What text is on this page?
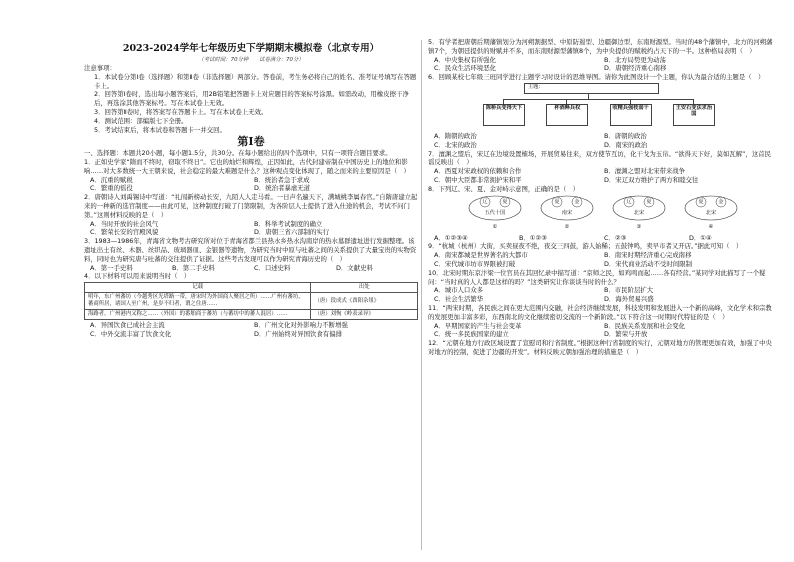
2023-2024学年七年级历史下学期期末模拟卷（北京专用）
（考试时间：70分钟　　试卷满分：70分）
注意事项：
1．本试卷分第Ⅰ卷（选择题）和第Ⅱ卷（非选择题）两部分。答卷前，考生务必将自己的姓名、准考证号填写在答题卡上。
2．回答第Ⅰ卷时，选出每小题答案后，用2B铅笔把答题卡上对应题目的答案标号涂黑。如需改动，用橡皮擦干净后，再选涂其他答案标号。写在本试卷上无效。
3．回答第Ⅱ卷时，将答案写在答题卡上。写在本试卷上无效。
4．测试范围：部编版七下全册。
5．考试结束后，将本试卷和答题卡一并交回。
第Ⅰ卷
一、选择题：本题共20小题，每小题1.5分，共30分。在每小题给出的四个选项中，只有一项符合题目要求。
1．正如史学家“隋而不终时，窃取不终日”。它也的灿烂和辉煌，正因如此，古代封建帝制在中国历史上的地位和影响……对大多数统一大王朝来说，社会稳定的最大难题是什么？这种观点变化体现了，随之而来的主要原因是（　）
A．沉重的赋税	B．统治者急于求成
C．繁重的徭役	D．统治者暴虐无道
2．唐朝诗人刘禹锡诗中写道：“礼闱新榜动长安，九陌人人走马看。一日声名遍天下，满城桃李属春官。”自隋唐建立起来的一种新的选官制度——由此可见，这种制度打破了门第限制，为各阶层人士提供了进入仕途的机会，考试不问门第。”这则材料反映的是（　）
A．当时开放的社会风气	B．科举考试制度的确立
C．繁荣长安的宫殿风貌	D．唐朝三省六部制的实行
3．1983—1986年，青海省文物考古研究所对位于青海省都兰县热水乡热水沟南岸的热水墓群遗址进行发掘整理。该遗址出土有丝、木器、丝织品、玻璃器皿、金银器等遗物，为研究当时中原与吐蕃之间的关系提供了大量宝贵的实物资料，同时也为研究唐与吐蕃的交往提供了证据。这些考古发现可以作为研究青海历史的（　）
A．第一手史料	B．第二手史料	C．口述史料	D．文献史料
4．以下材料可以用来说明当时（　）
记载	出处
明年，东广州蕃坊（今越秀区光塔路一带，唐宋时为外国商人聚居之所）……广州有蕃坊，蕃商所居，诸国人至广州，是岁不归者，谓之住唐……	（唐）段成式《酉阳杂俎》
海路者，广州港内又称之……（外国）的番舶商于蕃坊（与蕃坊中的蕃人混居）……	（唐）刘恂《岭表录异》
A．异国饮食已成社会主流	B．广州文化对外影响力不断增强
C．中外交流丰富了饮食文化	D．广州始终对异国饮食有偏排
5．有学者把唐朝后期藩镇划分为河朔割据型、中原防遏型、边疆御边型、东南财源型。当时的48个藩镇中，北方的河朔藩镇7个，为朝廷提供的财赋并不多，而东南财源型藩镇8个，为中央提供的赋税约占天下的一半。这种格局表明（　）
A．中央集权有所强化	B．北方局势更为动荡
C．民众生活环境恶化	D．唐朝经济重心南移
6．回顾某校七年级三班同学进行主题学习时设计的思维导图。请你为此图设计一个主题，你认为最合适的主题是（　）
主题：
陈桥兵变得天下	杯酒释兵权	收精兵强枝弱干	王安石变法求治国
A．隋朝的政治	B．唐朝的政治
C．北宋的政治	D．南宋的政治
7．澶渊之盟后，宋辽在边境设置榷场，开展贸易往来，双方使节互访，化干戈为玉帛。“欲得天下好，莫如瓦解”，这首民谣反映出（　）
A．西夏对宋政权的依赖和合作	B．澶渊之盟对北宋带来战争
C．朝中大臣都非常拥护宋和平	D．宋辽双方维护了两方和睦交往
8．下列辽、宋、夏、金对峙示意图，正确的是（　）
辽	夏
五代十国
①
夏	金
南宋
②
辽	夏
北宋
③
夏	金
北宋
④
A．①②③④	B．①②③	C．②③	D．①④
9．“杭城（杭州）大街，买卖昼夜不绝，夜交三四鼓，游人始稀；五鼓钟鸣，卖早市者又开店。”据此可知（　）
A．南宋都城是世界著名的大都市	B．南宋时期经济重心完成南移
C．宋代城市坊市界限被打破	D．宋代商业活动不受时间限制
10．北宋时期东京汴梁一位官员在其回忆录中描写道：“京师之民，如鸡鸣而起……各有经营。”某同学对此描写了一个疑问：“当时真的人人都是这样的吗？”这类研究让你谈谈当时的什么？
A．城市人口众多	B．市民阶层扩大
C．社会生活繁华	D．海外贸易兴盛
11．“两宋时期，各民族之间在更大范围内交融，社会经济继续发展，科技发明和发展进入一个新的高峰，文化学术和宗教的发展更加丰富多彩，东西南北的文化继续密切交流的一个新阶段。”以下符合这一时期时代特征的是（　）
A．早期国家的产生与社会变革	B．民族关系发展和社会变化
C．统一多民族国家的建立	D．繁荣与开放
12．“元朝在地方行政区域设置了宣慰司和行省制度。”根据这种行省制度的实行，元朝对地方的管理更加有效，加强了中央对地方的控制，促进了边疆的开发”。材料反映元朝加强治理的措施是（　）
